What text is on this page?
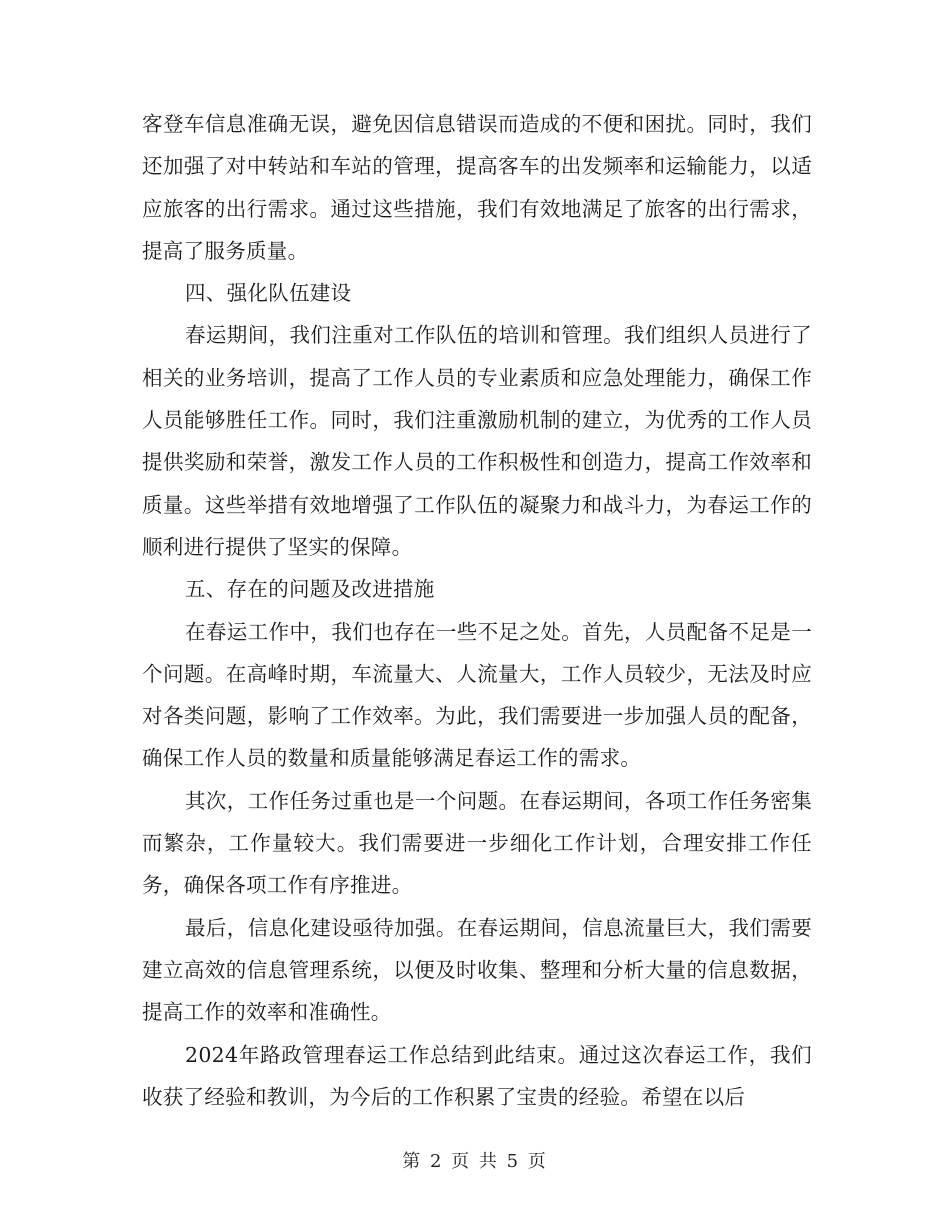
客登车信息准确无误，避免因信息错误而造成的不便和困扰。同时，我们还加强了对中转站和车站的管理，提高客车的出发频率和运输能力，以适应旅客的出行需求。通过这些措施，我们有效地满足了旅客的出行需求，提高了服务质量。

四、强化队伍建设

春运期间，我们注重对工作队伍的培训和管理。我们组织人员进行了相关的业务培训，提高了工作人员的专业素质和应急处理能力，确保工作人员能够胜任工作。同时，我们注重激励机制的建立，为优秀的工作人员提供奖励和荣誉，激发工作人员的工作积极性和创造力，提高工作效率和质量。这些举措有效地增强了工作队伍的凝聚力和战斗力，为春运工作的顺利进行提供了坚实的保障。

五、存在的问题及改进措施

在春运工作中，我们也存在一些不足之处。首先，人员配备不足是一个问题。在高峰时期，车流量大、人流量大，工作人员较少，无法及时应对各类问题，影响了工作效率。为此，我们需要进一步加强人员的配备，确保工作人员的数量和质量能够满足春运工作的需求。

其次，工作任务过重也是一个问题。在春运期间，各项工作任务密集而繁杂，工作量较大。我们需要进一步细化工作计划，合理安排工作任务，确保各项工作有序推进。

最后，信息化建设亟待加强。在春运期间，信息流量巨大，我们需要建立高效的信息管理系统，以便及时收集、整理和分析大量的信息数据，提高工作的效率和准确性。

2024年路政管理春运工作总结到此结束。通过这次春运工作，我们收获了经验和教训，为今后的工作积累了宝贵的经验。希望在以后

第 2 页 共 5 页
